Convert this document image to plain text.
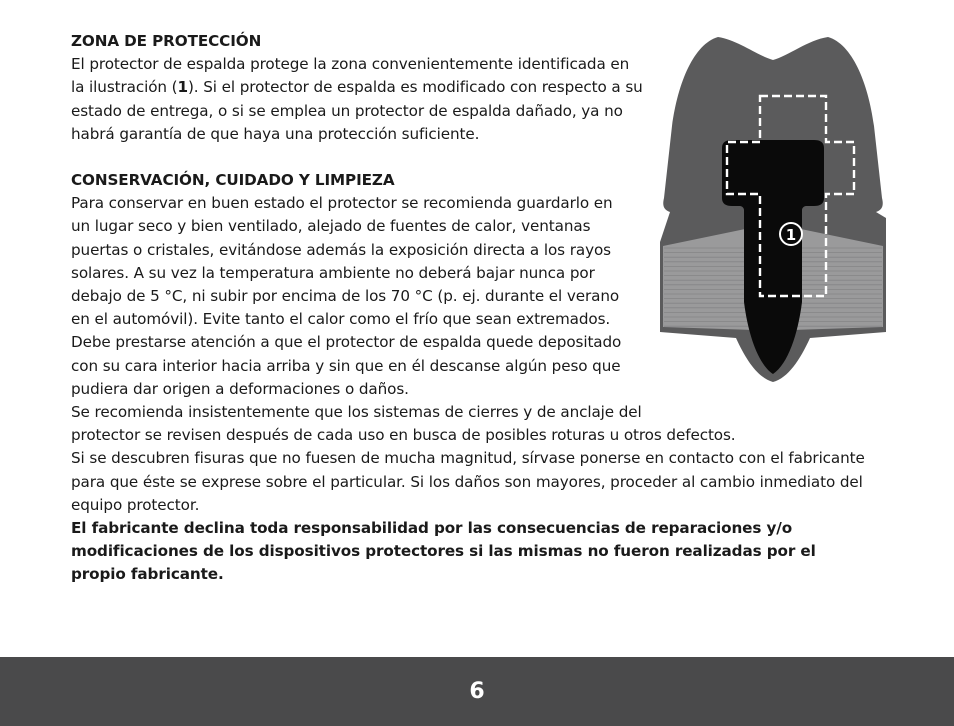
ZONA DE PROTECCIÓN

El protector de espalda protege la zona convenientemente identificada en

la ilustración (1). Si el protector de espalda es modificado con respecto a su

estado de entrega, o si se emplea un protector de espalda dañado, ya no

habrá garantía de que haya una protección suficiente.

CONSERVACIÓN, CUIDADO Y LIMPIEZA

Para conservar en buen estado el protector se recomienda guardarlo en

un lugar seco y bien ventilado, alejado de fuentes de calor, ventanas

puertas o cristales, evitándose además la exposición directa a los rayos

solares. A su vez la temperatura ambiente no deberá bajar nunca por

debajo de 5 °C, ni subir por encima de los 70 °C (p. ej. durante el verano

en el automóvil). Evite tanto el calor como el frío que sean extremados.

Debe prestarse atención a que el protector de espalda quede depositado

con su cara interior hacia arriba y sin que en él descanse algún peso que

pudiera dar origen a deformaciones o daños.

Se recomienda insistentemente que los sistemas de cierres y de anclaje del

protector se revisen después de cada uso en busca de posibles roturas u otros defectos.

Si se descubren fisuras que no fuesen de mucha magnitud, sírvase ponerse en contacto con el fabricante

para que éste se exprese sobre el particular. Si los daños son mayores, proceder al cambio inmediato del

equipo protector.

El fabricante declina toda responsabilidad por las consecuencias de reparaciones y/o

modificaciones de los dispositivos protectores si las mismas no fueron realizadas por el

propio fabricante.

1
6
